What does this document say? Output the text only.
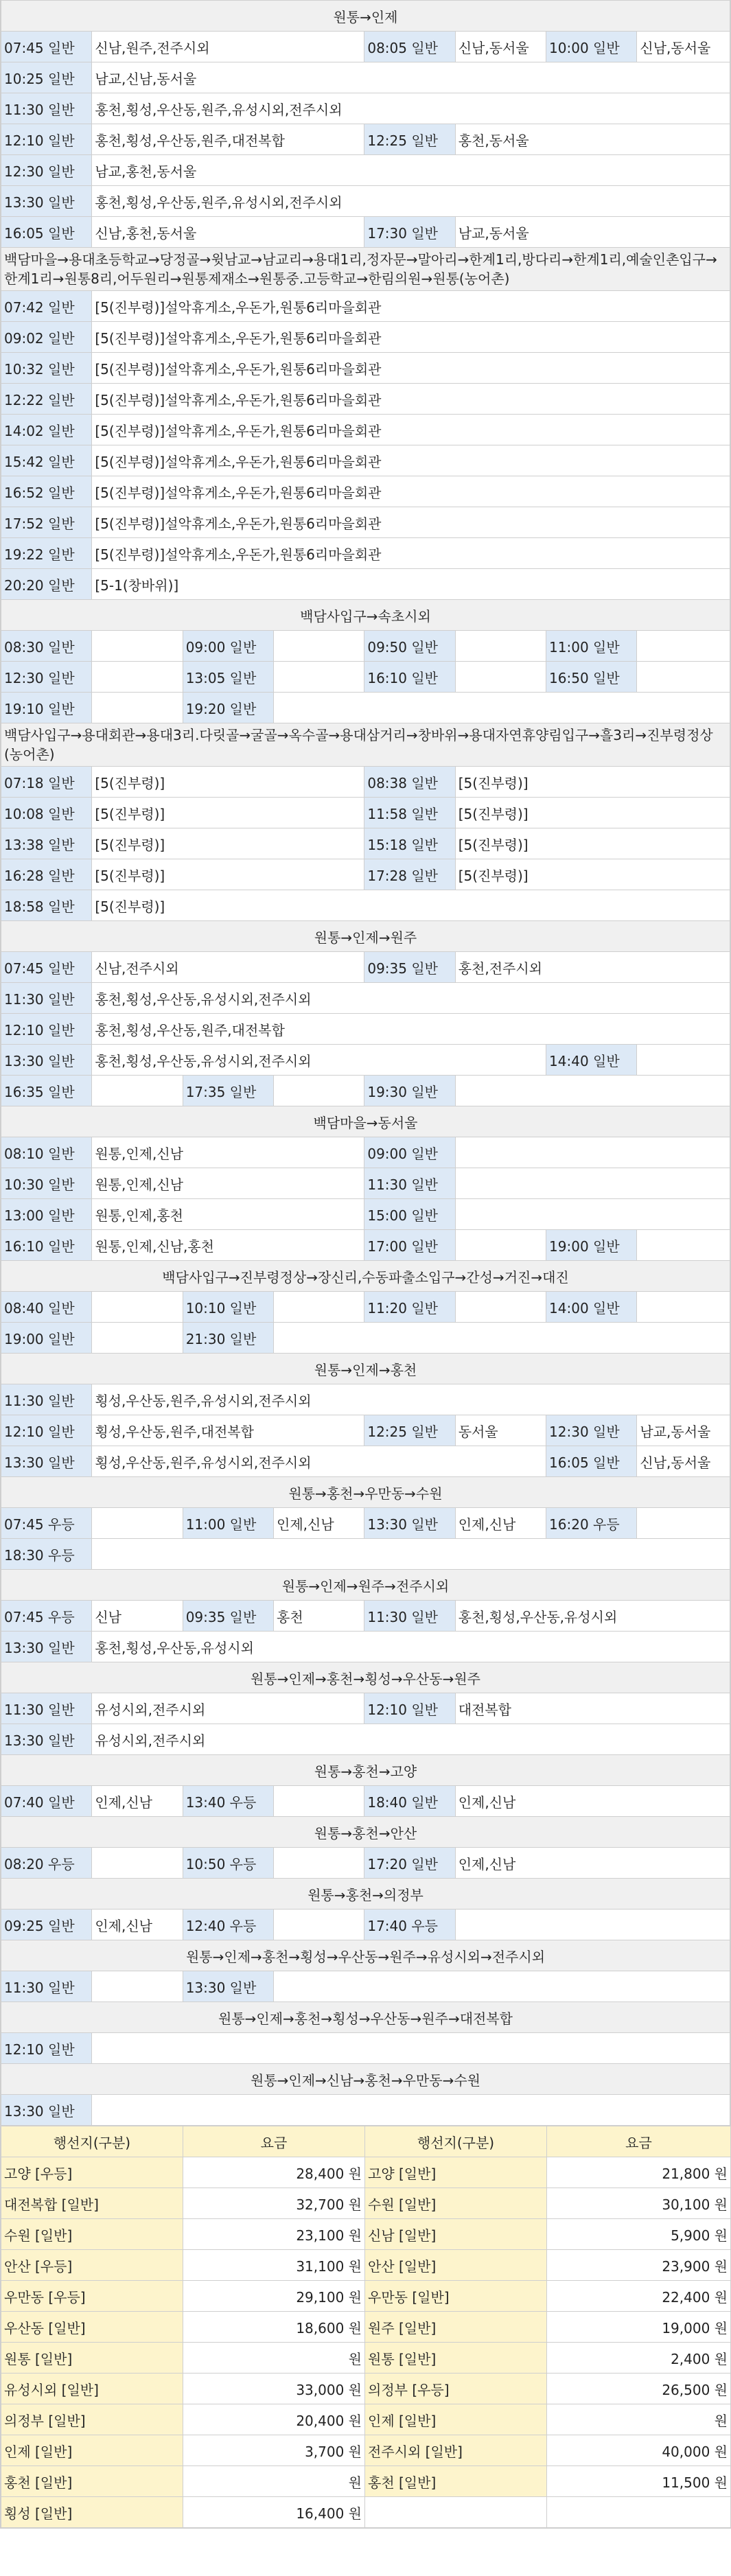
원통→인제							
07:45 일반	신남,원주,전주시외			08:05 일반	신남,동서울	10:00 일반	신남,동서울
10:25 일반	남교,신남,동서울						
11:30 일반	홍천,횡성,우산동,원주,유성시외,전주시외						
12:10 일반	홍천,횡성,우산동,원주,대전복합			12:25 일반	홍천,동서울		
12:30 일반	남교,홍천,동서울						
13:30 일반	홍천,횡성,우산동,원주,유성시외,전주시외						
16:05 일반	신남,홍천,동서울			17:30 일반	남교,동서울		
백담마을→용대초등학교→당정골→윗남교→남교리→용대1리,정자문→말아리→한계1리,방다리→한계1리,예술인촌입구→한계1리→원통8리,어두원리→원통제재소→원통중.고등학교→한림의원→원통(농어촌)							
07:42 일반	[5(진부령)]설악휴게소,우돈가,원통6리마을회관						
09:02 일반	[5(진부령)]설악휴게소,우돈가,원통6리마을회관						
10:32 일반	[5(진부령)]설악휴게소,우돈가,원통6리마을회관						
12:22 일반	[5(진부령)]설악휴게소,우돈가,원통6리마을회관						
14:02 일반	[5(진부령)]설악휴게소,우돈가,원통6리마을회관						
15:42 일반	[5(진부령)]설악휴게소,우돈가,원통6리마을회관						
16:52 일반	[5(진부령)]설악휴게소,우돈가,원통6리마을회관						
17:52 일반	[5(진부령)]설악휴게소,우돈가,원통6리마을회관						
19:22 일반	[5(진부령)]설악휴게소,우돈가,원통6리마을회관						
20:20 일반	[5-1(창바위)]						
백담사입구→속초시외							
08:30 일반		09:00 일반		09:50 일반		11:00 일반	
12:30 일반		13:05 일반		16:10 일반		16:50 일반	
19:10 일반		19:20 일반					
백담사입구→용대회관→용대3리.다릿골→굴골→옥수골→용대삼거리→창바위→용대자연휴양림입구→흘3리→진부령정상(농어촌)							
07:18 일반	[5(진부령)]			08:38 일반	[5(진부령)]		
10:08 일반	[5(진부령)]			11:58 일반	[5(진부령)]		
13:38 일반	[5(진부령)]			15:18 일반	[5(진부령)]		
16:28 일반	[5(진부령)]			17:28 일반	[5(진부령)]		
18:58 일반	[5(진부령)]						
원통→인제→원주							
07:45 일반	신남,전주시외			09:35 일반	홍천,전주시외		
11:30 일반	홍천,횡성,우산동,유성시외,전주시외						
12:10 일반	홍천,횡성,우산동,원주,대전복합						
13:30 일반	홍천,횡성,우산동,유성시외,전주시외					14:40 일반	
16:35 일반		17:35 일반		19:30 일반			
백담마을→동서울							
08:10 일반	원통,인제,신남			09:00 일반			
10:30 일반	원통,인제,신남			11:30 일반			
13:00 일반	원통,인제,홍천			15:00 일반			
16:10 일반	원통,인제,신남,홍천			17:00 일반		19:00 일반	
백담사입구→진부령정상→장신리,수동파출소입구→간성→거진→대진							
08:40 일반		10:10 일반		11:20 일반		14:00 일반	
19:00 일반		21:30 일반					
원통→인제→홍천							
11:30 일반	횡성,우산동,원주,유성시외,전주시외						
12:10 일반	횡성,우산동,원주,대전복합			12:25 일반	동서울	12:30 일반	남교,동서울
13:30 일반	횡성,우산동,원주,유성시외,전주시외					16:05 일반	신남,동서울
원통→홍천→우만동→수원							
07:45 우등		11:00 일반	인제,신남	13:30 일반	인제,신남	16:20 우등	
18:30 우등							
원통→인제→원주→전주시외							
07:45 우등	신남	09:35 일반	홍천	11:30 일반	홍천,횡성,우산동,유성시외		
13:30 일반	홍천,횡성,우산동,유성시외						
원통→인제→홍천→횡성→우산동→원주							
11:30 일반	유성시외,전주시외			12:10 일반	대전복합		
13:30 일반	유성시외,전주시외						
원통→홍천→고양							
07:40 일반	인제,신남	13:40 우등		18:40 일반	인제,신남		
원통→홍천→안산							
08:20 우등		10:50 우등		17:20 일반	인제,신남		
원통→홍천→의정부							
09:25 일반	인제,신남	12:40 우등		17:40 우등			
원통→인제→홍천→횡성→우산동→원주→유성시외→전주시외							
11:30 일반		13:30 일반					
원통→인제→홍천→횡성→우산동→원주→대전복합							
12:10 일반							
원통→인제→신남→홍천→우만동→수원							
13:30 일반							
행선지(구분)	요금	행선지(구분)	요금
고양 [우등]	28,400 원	고양 [일반]	21,800 원
대전복합 [일반]	32,700 원	수원 [일반]	30,100 원
수원 [일반]	23,100 원	신남 [일반]	5,900 원
안산 [우등]	31,100 원	안산 [일반]	23,900 원
우만동 [우등]	29,100 원	우만동 [일반]	22,400 원
우산동 [일반]	18,600 원	원주 [일반]	19,000 원
원통 [일반]	원	원통 [일반]	2,400 원
유성시외 [일반]	33,000 원	의정부 [우등]	26,500 원
의정부 [일반]	20,400 원	인제 [일반]	원
인제 [일반]	3,700 원	전주시외 [일반]	40,000 원
홍천 [일반]	원	홍천 [일반]	11,500 원
횡성 [일반]	16,400 원		
